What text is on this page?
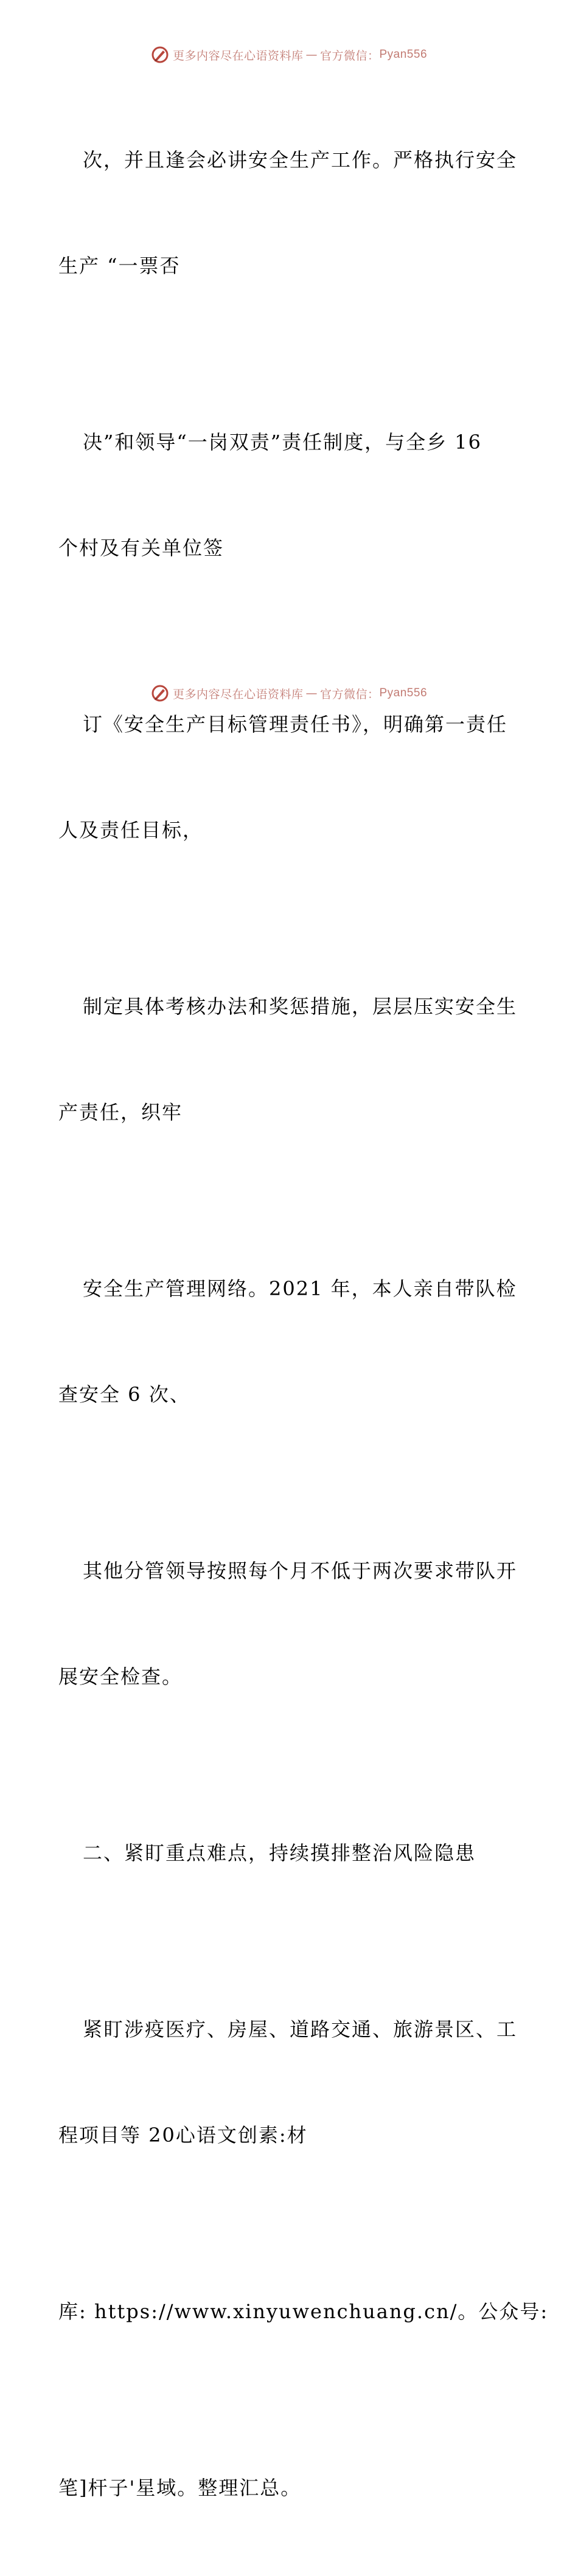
更多内容尽在心语资料库 — 官方微信： Pyan556

次，并且逢会必讲安全生产工作。严格执行安全

生产 “一票否

决”和领导“一岗双责”责任制度，与全乡 16

个村及有关单位签

订《安全生产目标管理责任书》，明确第一责任

人及责任目标，

制定具体考核办法和奖惩措施，层层压实安全生

产责任，织牢

安全生产管理网络。2021 年，本人亲自带队检

查安全 6 次、

其他分管领导按照每个月不低于两次要求带队开

展安全检查。

二、紧盯重点难点，持续摸排整治风险隐患

紧盯涉疫医疗、房屋、道路交通、旅游景区、工

程项目等 20心语文创素:材

库: https://www.xinyuwenchuang.cn/。公众号:

笔]杆子'星域。整理汇总。

更多内容尽在心语资料库 — 官方微信： Pyan556
